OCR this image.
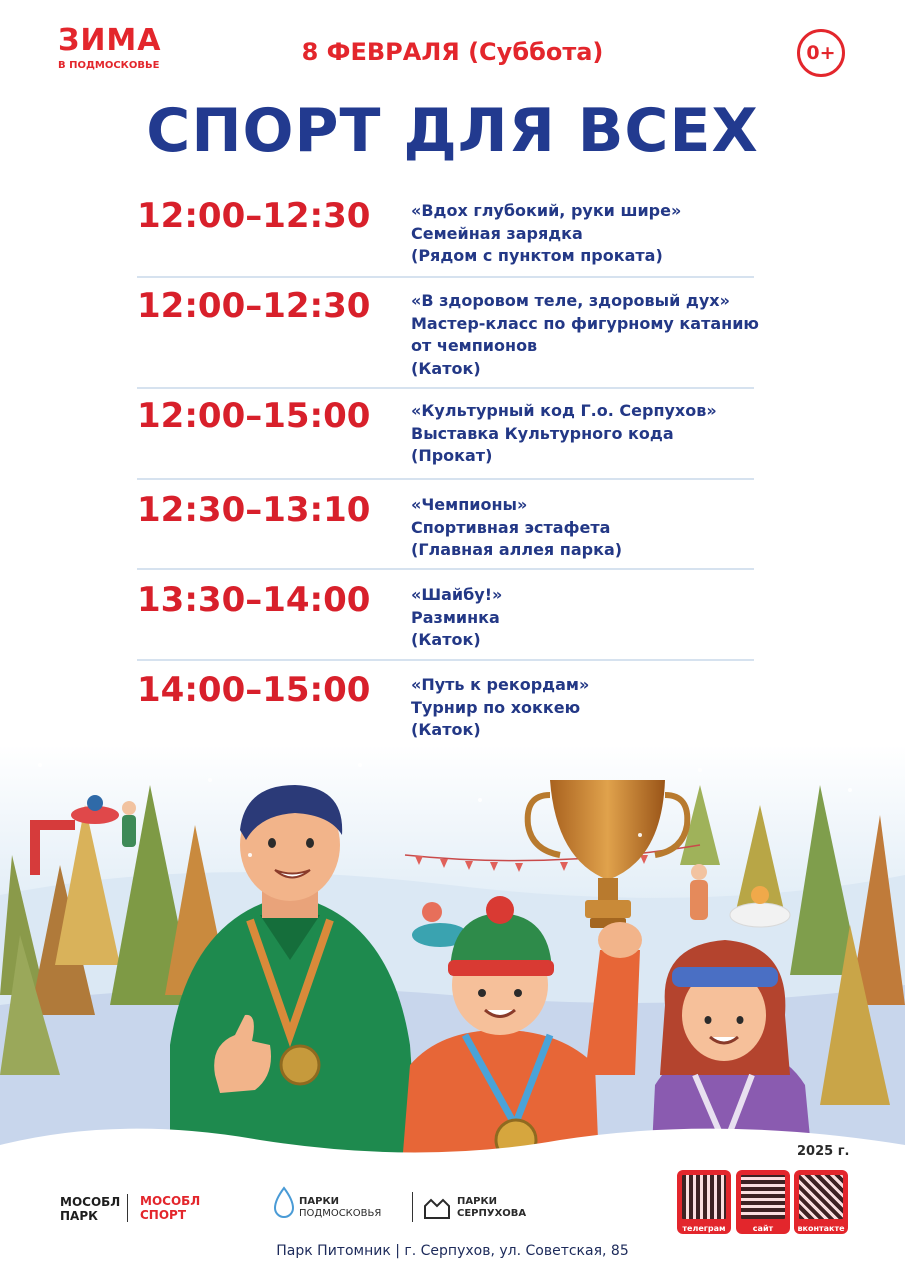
ЗИМА
В ПОДМОСКОВЬЕ	8 ФЕВРАЛЯ (Суббота)	0+
СПОРТ ДЛЯ ВСЕХ
12:00–12:30	«Вдох глубокий, руки шире»
Семейная зарядка
(Рядом с пунктом проката)
12:00–12:30	«В здоровом теле, здоровый дух»
Мастер-класс по фигурному катанию
от чемпионов
(Каток)
12:00–15:00	«Культурный код Г.о. Серпухов»
Выставка Культурного кода
(Прокат)
12:30–13:10	«Чемпионы»
Спортивная эстафета
(Главная аллея парка)
13:30–14:00	«Шайбу!»
Разминка
(Каток)
14:00–15:00	«Путь к рекордам»
Турнир по хоккею
(Каток)
2025 г.
МОСОБЛ
ПАРК
МОСОБЛ
СПОРТ
ПАРКИ
ПОДМОСКОВЬЯ
ПАРКИ
СЕРПУХОВА
телеграм	сайт	вконтакте
Парк Питомник | г. Серпухов, ул. Советская, 85
